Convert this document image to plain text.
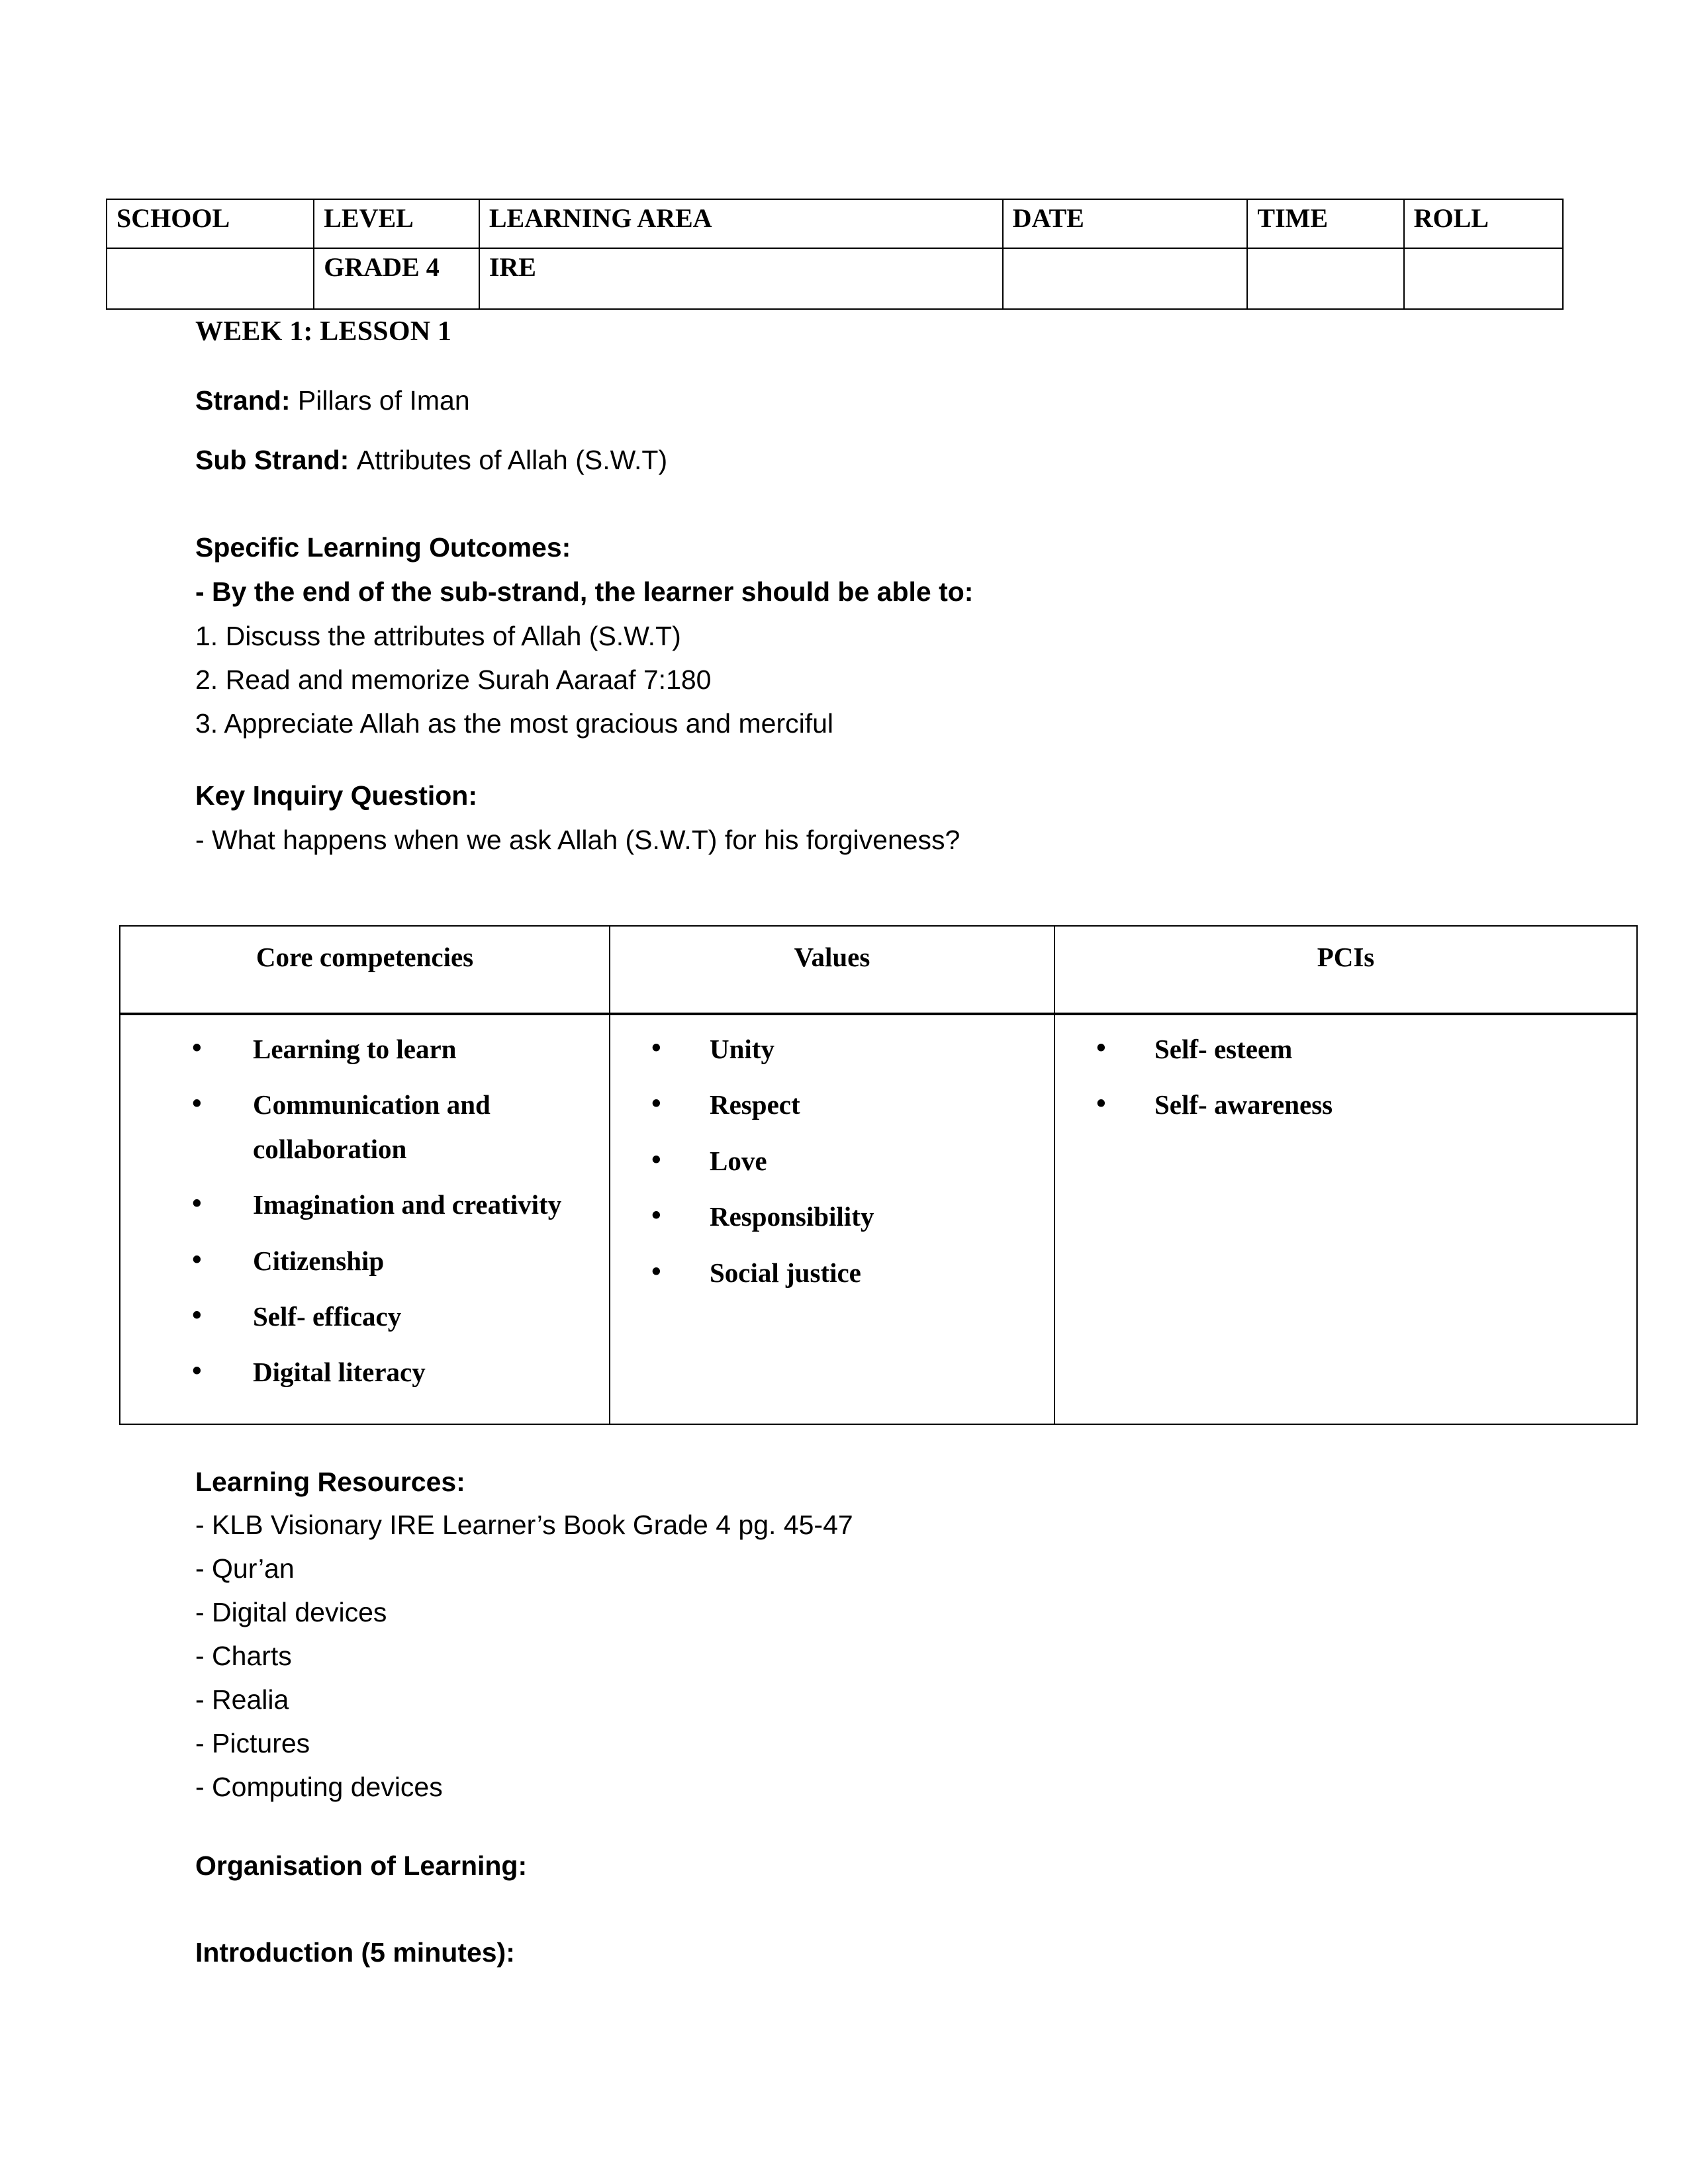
SCHOOL	LEVEL	LEARNING AREA	DATE	TIME	ROLL
	GRADE 4	IRE			
WEEK 1: LESSON 1
Strand: Pillars of Iman
Sub Strand: Attributes of Allah (S.W.T)
Specific Learning Outcomes:
- By the end of the sub-strand, the learner should be able to:
1. Discuss the attributes of Allah (S.W.T)
2. Read and memorize Surah Aaraaf 7:180
3. Appreciate Allah as the most gracious and merciful
Key Inquiry Question:
- What happens when we ask Allah (S.W.T) for his forgiveness?
Learning Resources:
- KLB Visionary IRE Learner’s Book Grade 4 pg. 45-47
- Qur’an
- Digital devices
- Charts
- Realia
- Pictures
- Computing devices
Organisation of Learning:
Introduction (5 minutes):
Core competencies	Values	PCIs

• Learning to learn
• Communication and collaboration
• Imagination and creativity
• Citizenship
• Self- efficacy
• Digital literacy

• Unity
• Respect
• Love
• Responsibility
• Social justice

• Self- esteem
• Self- awareness
